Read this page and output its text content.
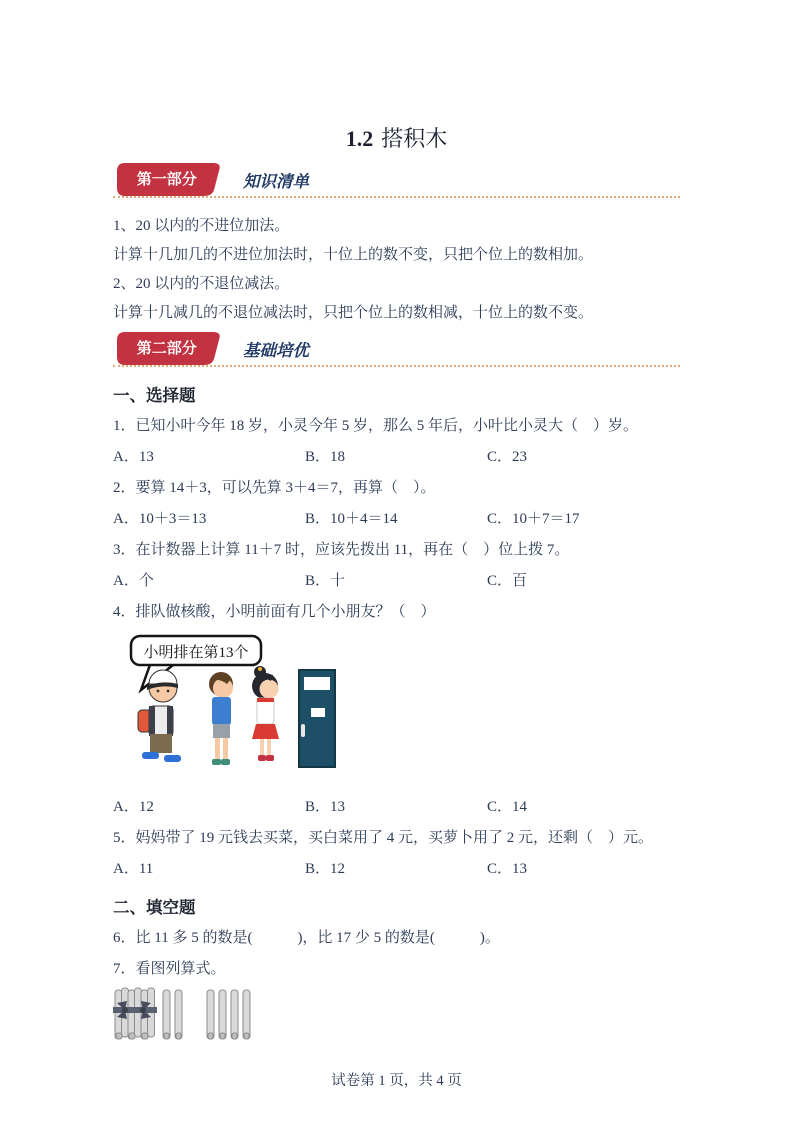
1.2 搭积木
第一部分	知识清单

1、20 以内的不进位加法。

计算十几加几的不进位加法时，十位上的数不变，只把个位上的数相加。

2、20 以内的不退位减法。

计算十几减几的不退位减法时，只把个位上的数相减，十位上的数不变。

第二部分	基础培优
一、选择题

1．已知小叶今年 18 岁，小灵今年 5 岁，那么 5 年后，小叶比小灵大（　）岁。

A．13	B．18	C．23

2．要算 14＋3，可以先算 3＋4＝7，再算（　）。

A．10＋3＝13	B．10＋4＝14	C．10＋7＝17

3．在计数器上计算 11＋7 时，应该先拨出 11，再在（　）位上拨 7。

A．个	B．十	C．百

4．排队做核酸，小明前面有几个小朋友？（　）

小明排在第13个
A．12	B．13	C．14

5．妈妈带了 19 元钱去买菜，买白菜用了 4 元，买萝卜用了 2 元，还剩（　）元。

A．11	B．12	C．13
二、填空题

6．比 11 多 5 的数是(　　　)，比 17 少 5 的数是(　　　)。

7．看图列算式。

试卷第 1 页，共 4 页
